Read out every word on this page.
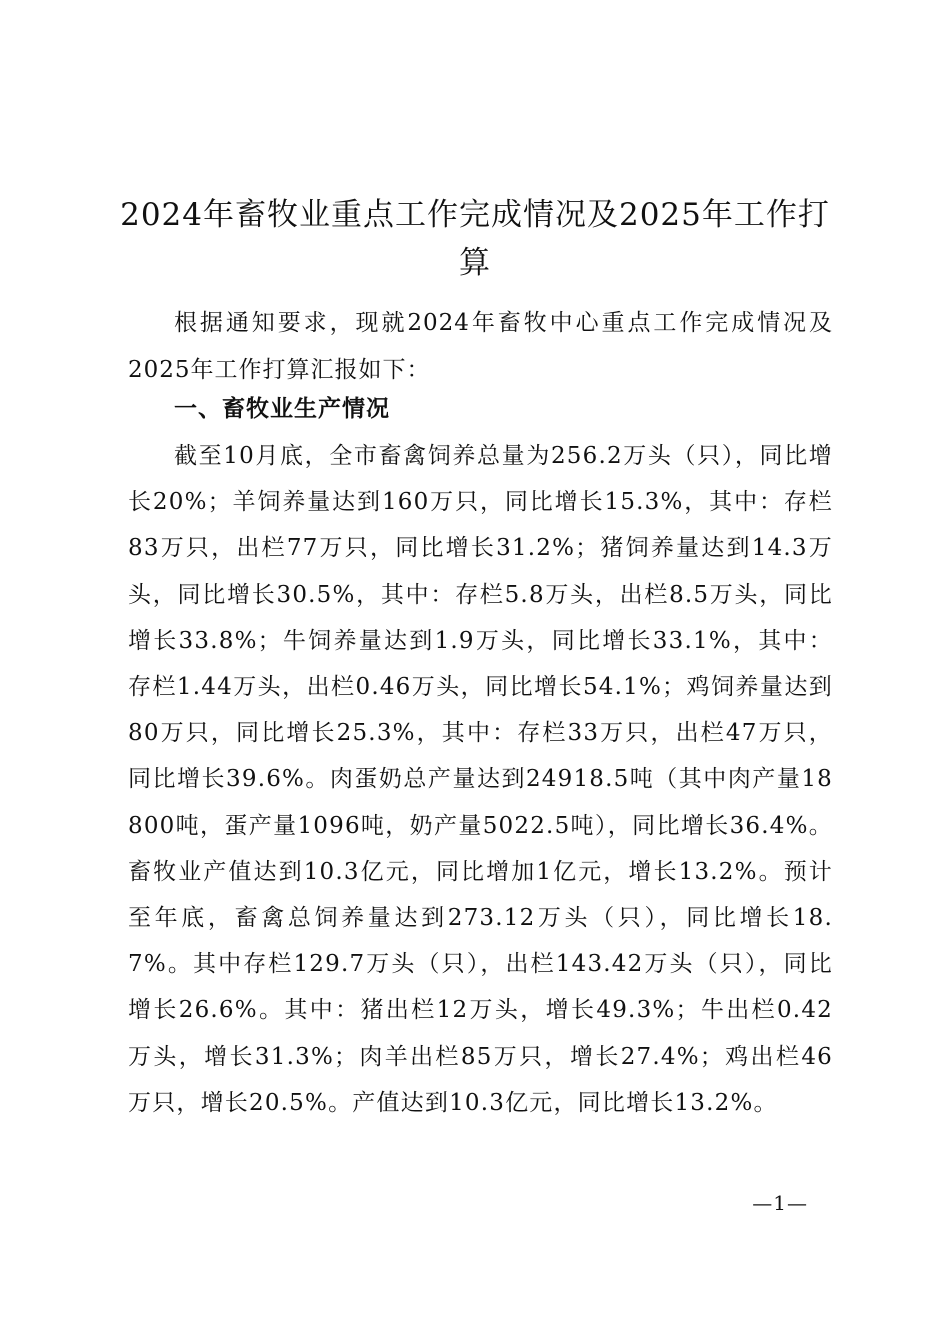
2024年畜牧业重点工作完成情况及2025年工作打算

根据通知要求，现就2024年畜牧中心重点工作完成情况及2025年工作打算汇报如下：

一、畜牧业生产情况

截至10月底，全市畜禽饲养总量为256.2万头（只），同比增长20%；羊饲养量达到160万只，同比增长15.3%，其中：存栏83万只，出栏77万只，同比增长31.2%；猪饲养量达到14.3万头，同比增长30.5%，其中：存栏5.8万头，出栏8.5万头，同比增长33.8%；牛饲养量达到1.9万头，同比增长33.1%，其中：存栏1.44万头，出栏0.46万头，同比增长54.1%；鸡饲养量达到80万只，同比增长25.3%，其中：存栏33万只，出栏47万只，同比增长39.6%。肉蛋奶总产量达到24918.5吨（其中肉产量18800吨，蛋产量1096吨，奶产量5022.5吨），同比增长36.4%。畜牧业产值达到10.3亿元，同比增加1亿元，增长13.2%。预计至年底，畜禽总饲养量达到273.12万头（只），同比增长18.7%。其中存栏129.7万头（只），出栏143.42万头（只），同比增长26.6%。其中：猪出栏12万头，增长49.3%；牛出栏0.42万头，增长31.3%；肉羊出栏85万只，增长27.4%；鸡出栏46万只，增长20.5%。产值达到10.3亿元，同比增长13.2%。

—1—
